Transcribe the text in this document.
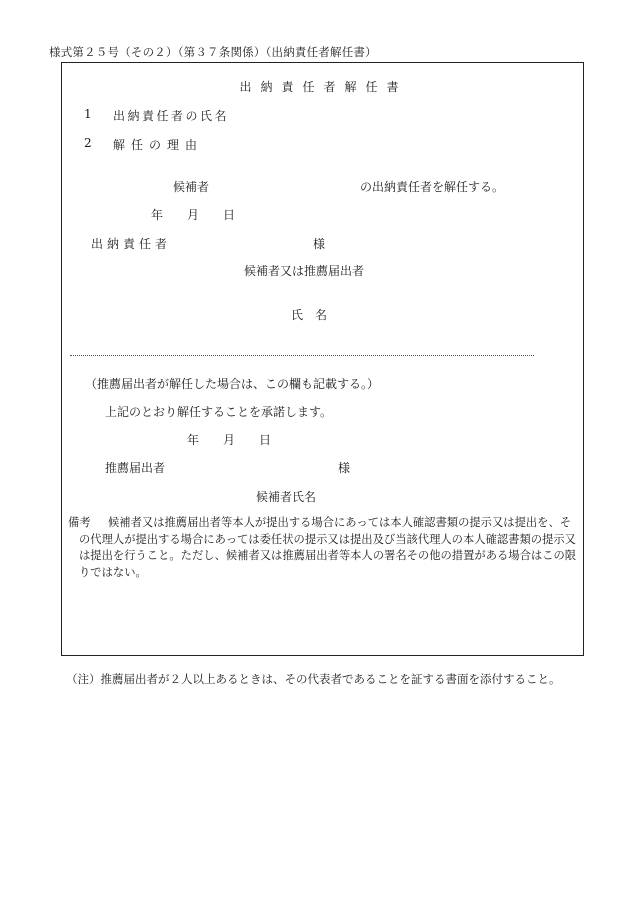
様式第２５号（その２）（第３７条関係）（出納責任者解任書）
出納責任者解任書
1 出納責任者の氏名
2 解任の理由
候補者	の出納責任者を解任する。
年 月 日
出納責任者	様
候補者又は推薦届出者
氏　名
（推薦届出者が解任した場合は、この欄も記載する。）
上記のとおり解任することを承諾します。
年 月 日
推薦届出者	様
候補者氏名
備考	候補者又は推薦届出者等本人が提出する場合にあっては本人確認書類の提示又は提出を、その代理人が提出する場合にあっては委任状の提示又は提出及び当該代理人の本人確認書類の提示又は提出を行うこと。ただし、候補者又は推薦届出者等本人の署名その他の措置がある場合はこの限りではない。
（注）推薦届出者が２人以上あるときは、その代表者であることを証する書面を添付すること。
